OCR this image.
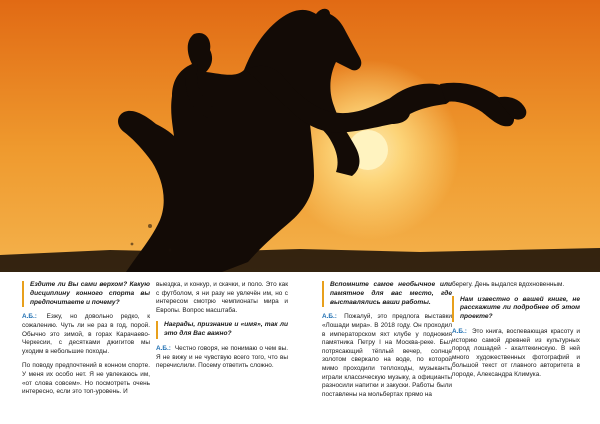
Ездите ли Вы сами верхом? Какую дисциплину конного спорта вы предпочитаете и почему?

А.Б.: Езжу, но довольно редко, к сожалению. Чуть ли не раз в год, порой. Обычно это зимой, в горах Карачаево-Черкесии, с десятками джигитов мы уходим в небольшие походы.

По поводу предпочтений в конном спорте. У меня их особо нет. Я не увлекаюсь им, «от слова совсем». Но посмотреть очень интересно, если это топ-уровень. И

выездка, и конкур, и скачки, и поло. Это как с футболом, я ни разу не увлечён им, но с интересом смотрю чемпионаты мира и Европы. Вопрос масштаба.

Награды, признание и «имя», так ли это для Вас важно?

А.Б.: Честно говоря, не понимаю о чем вы. Я не вижу и не чувствую всего того, что вы перечислили. Посему ответить сложно.

Вспомните самое необычное или памятное для вас место, где выставлялись ваши работы.

А.Б.: Пожалуй, это предлога выставки «Лошади мира». В 2018 году. Он проходил в императорском яхт клубе у подножия памятника Петру I на Москва-реке. Был потрясающий тёплый вечер, солнце золотом сверкало на воде, по которой мимо проходили теплоходы, музыканты играли классическую музыку, а официанты разносили напитки и закуски. Работы были поставлены на мольбертах прямо на

берегу. День выдался вдохновенным.

Нам известно о вашей книге, не расскажите ли подробнее об этом проекте?

А.Б.: Это книга, воспевающая красоту и историю самой древней из культурных пород лошадей - ахалтекинскую. В ней много художественных фотографий и большой текст от главного авторитета в породе, Александра Климука.
